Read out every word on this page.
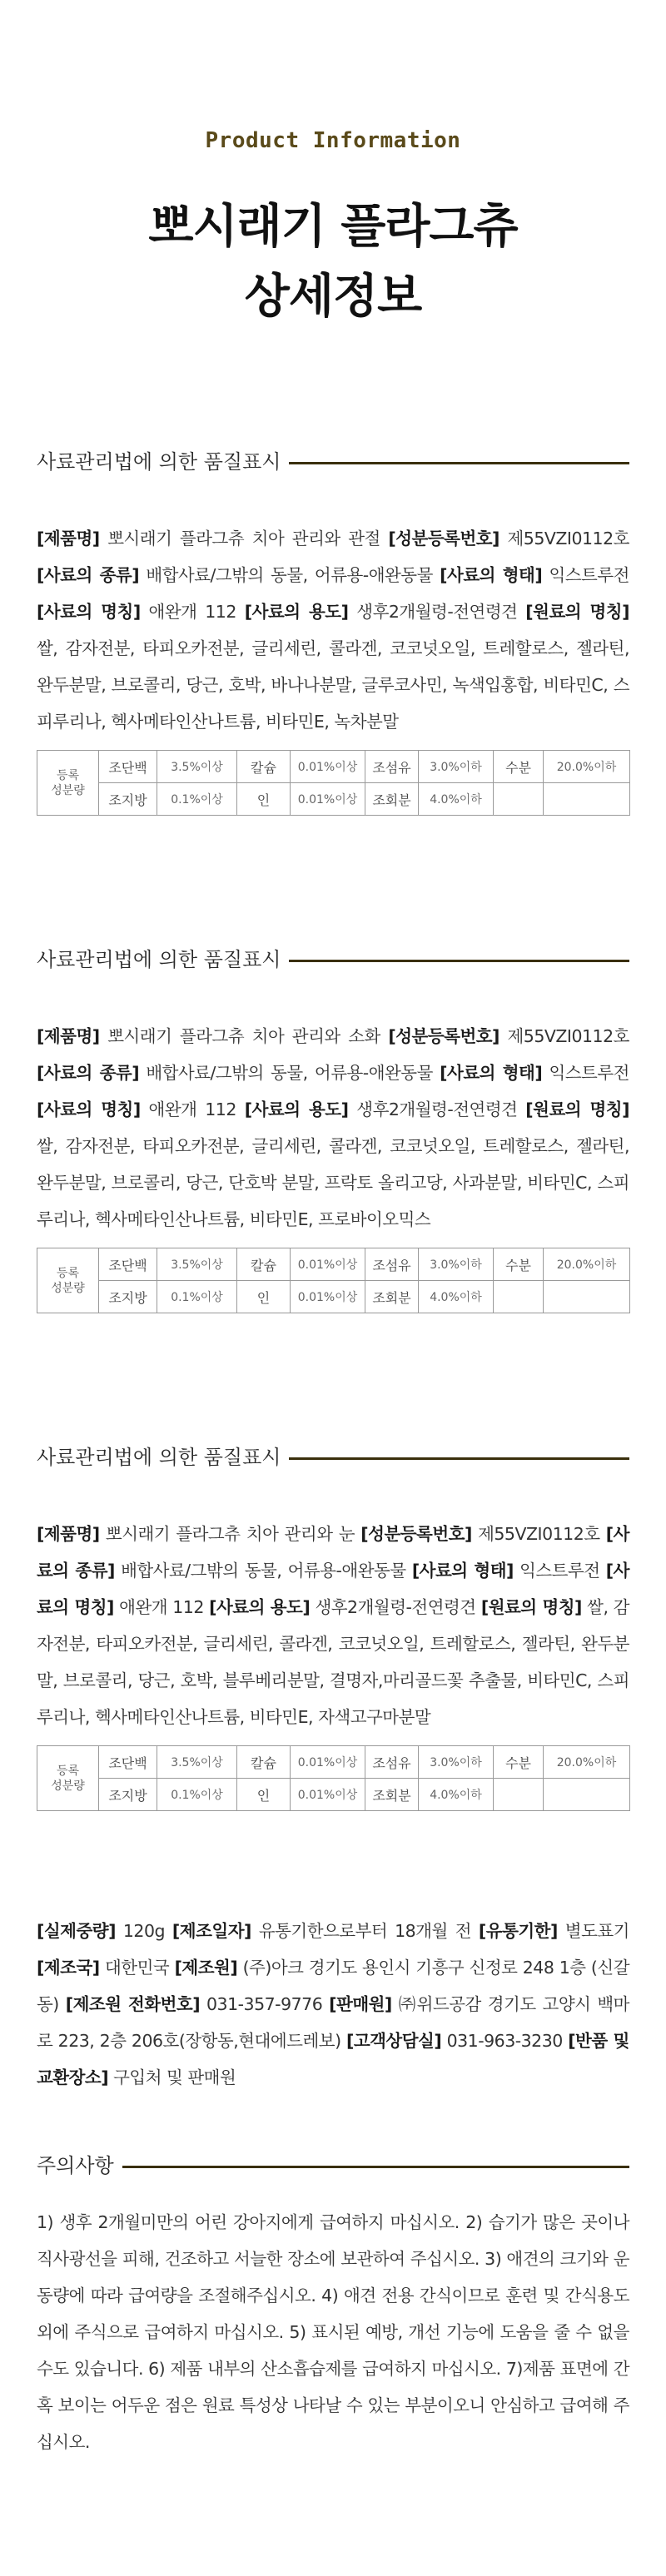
Product Information
뽀시래기 플라그츄
상세정보
사료관리법에 의한 품질표시
[제품명] 뽀시래기 플라그츄 치아 관리와 관절 [성분등록번호] 제55VZI0112호 [사료의 종류] 배합사료/그밖의 동물, 어류용-애완동물 [사료의 형태] 익스트루전 [사료의 명칭] 애완개 112 [사료의 용도] 생후2개월령-전연령견 [원료의 명칭] 쌀, 감자전분, 타피오카전분, 글리세린, 콜라겐, 코코넛오일, 트레할로스, 젤라틴, 완두분말, 브로콜리, 당근, 호박, 바나나분말, 글루코사민, 녹색입홍합, 비타민C, 스피루리나, 헥사메타인산나트륨, 비타민E, 녹차분말
등록
성분량	조단백	3.5%이상	칼슘	0.01%이상	조섬유	3.0%이하	수분	20.0%이하
	조지방	0.1%이상	인	0.01%이상	조회분	4.0%이하		
사료관리법에 의한 품질표시
[제품명] 뽀시래기 플라그츄 치아 관리와 소화 [성분등록번호] 제55VZI0112호 [사료의 종류] 배합사료/그밖의 동물, 어류용-애완동물 [사료의 형태] 익스트루전 [사료의 명칭] 애완개 112 [사료의 용도] 생후2개월령-전연령견 [원료의 명칭] 쌀, 감자전분, 타피오카전분, 글리세린, 콜라겐, 코코넛오일, 트레할로스, 젤라틴, 완두분말, 브로콜리, 당근, 단호박 분말, 프락토 올리고당, 사과분말, 비타민C, 스피루리나, 헥사메타인산나트륨, 비타민E, 프로바이오믹스
등록
성분량	조단백	3.5%이상	칼슘	0.01%이상	조섬유	3.0%이하	수분	20.0%이하
	조지방	0.1%이상	인	0.01%이상	조회분	4.0%이하		
사료관리법에 의한 품질표시
[제품명] 뽀시래기 플라그츄 치아 관리와 눈 [성분등록번호] 제55VZI0112호 [사료의 종류] 배합사료/그밖의 동물, 어류용-애완동물 [사료의 형태] 익스트루전 [사료의 명칭] 애완개 112 [사료의 용도] 생후2개월령-전연령견 [원료의 명칭] 쌀, 감자전분, 타피오카전분, 글리세린, 콜라겐, 코코넛오일, 트레할로스, 젤라틴, 완두분말, 브로콜리, 당근, 호박, 블루베리분말, 결명자,마리골드꽃 추출물, 비타민C, 스피루리나, 헥사메타인산나트륨, 비타민E, 자색고구마분말
등록
성분량	조단백	3.5%이상	칼슘	0.01%이상	조섬유	3.0%이하	수분	20.0%이하
	조지방	0.1%이상	인	0.01%이상	조회분	4.0%이하		
[실제중량] 120g [제조일자] 유통기한으로부터 18개월 전 [유통기한] 별도표기 [제조국] 대한민국 [제조원] (주)아크 경기도 용인시 기흥구 신정로 248 1층 (신갈동) [제조원 전화번호] 031-357-9776 [판매원] ㈜위드공감 경기도 고양시 백마로 223, 2층 206호(장항동,현대에드레보) [고객상담실] 031-963-3230 [반품 및 교환장소] 구입처 및 판매원
주의사항
1) 생후 2개월미만의 어린 강아지에게 급여하지 마십시오. 2) 습기가 많은 곳이나 직사광선을 피해, 건조하고 서늘한 장소에 보관하여 주십시오. 3) 애견의 크기와 운동량에 따라 급여량을 조절해주십시오. 4) 애견 전용 간식이므로 훈련 및 간식용도 외에 주식으로 급여하지 마십시오. 5) 표시된 예방, 개선 기능에 도움을 줄 수 없을 수도 있습니다. 6) 제품 내부의 산소흡습제를 급여하지 마십시오. 7)제품 표면에 간혹 보이는 어두운 점은 원료 특성상 나타날 수 있는 부분이오니 안심하고 급여해 주십시오.
